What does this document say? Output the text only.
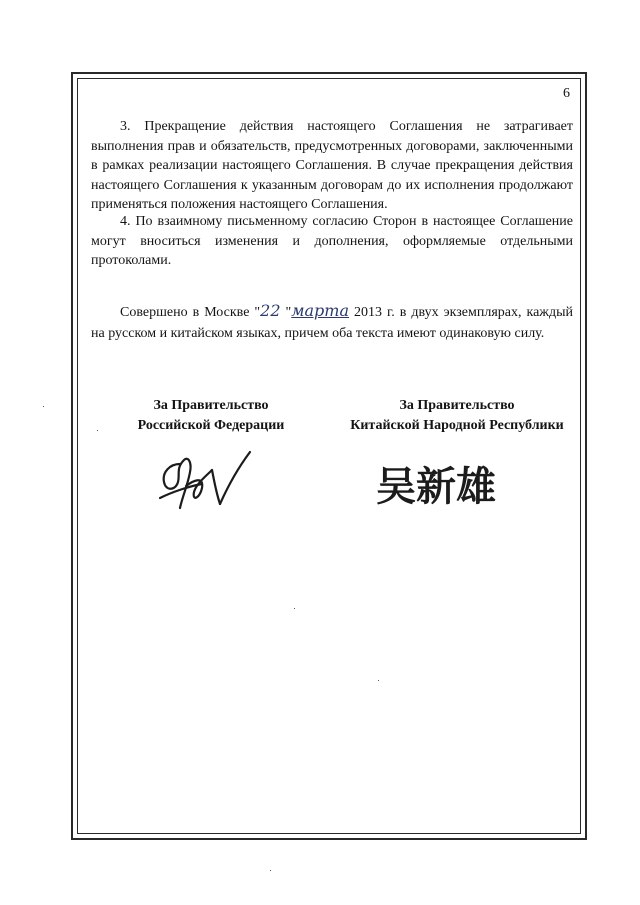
6

3. Прекращение действия настоящего Соглашения не затрагивает выполнения прав и обязательств, предусмотренных договорами, заключенными в рамках реализации настоящего Соглашения. В случае прекращения действия настоящего Соглашения к указанным договорам до их исполнения продолжают применяться положения настоящего Соглашения.

4. По взаимному письменному согласию Сторон в настоящее Соглашение могут вноситься изменения и дополнения, оформляемые отдельными протоколами.

Совершено в Москве "22 "марта 2013 г. в двух экземплярах, каждый на русском и китайском языках, причем оба текста имеют одинаковую силу.

За Правительство
Российской Федерации
За Правительство
Китайской Народной Республики
吴新雄
